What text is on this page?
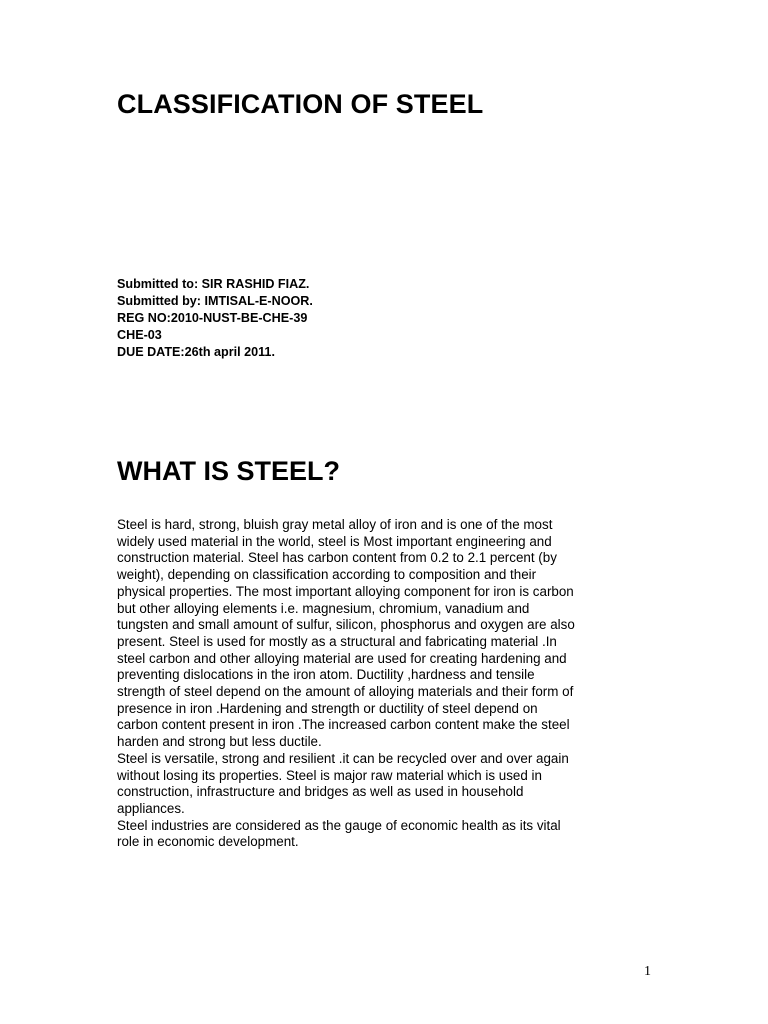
CLASSIFICATION OF STEEL
Submitted to: SIR RASHID FIAZ.
Submitted by: IMTISAL-E-NOOR.
REG NO:2010-NUST-BE-CHE-39
CHE-03
DUE DATE:26th april 2011.
WHAT IS STEEL?
Steel is hard, strong, bluish gray metal alloy of iron and is one of the most
widely used material in the world, steel is Most important engineering and
construction material. Steel has carbon content from 0.2 to 2.1 percent (by
weight), depending on classification according to composition and their
physical properties. The most important alloying component for iron is carbon
but other alloying elements i.e. magnesium, chromium, vanadium and
tungsten and small amount of sulfur, silicon, phosphorus and oxygen are also
present. Steel is used for mostly as a structural and fabricating material .In
steel carbon and other alloying material are used for creating hardening and
preventing dislocations in the iron atom. Ductility ,hardness and tensile
strength of steel depend on the amount of alloying materials and their form of
presence in iron .Hardening and strength or ductility of steel depend on
carbon content present in iron .The increased carbon content make the steel
harden and strong but less ductile.
Steel is versatile, strong and resilient .it can be recycled over and over again
without losing its properties. Steel is major raw material which is used in
construction, infrastructure and bridges as well as used in household
appliances.
Steel industries are considered as the gauge of economic health as its vital
role in economic development.
1
